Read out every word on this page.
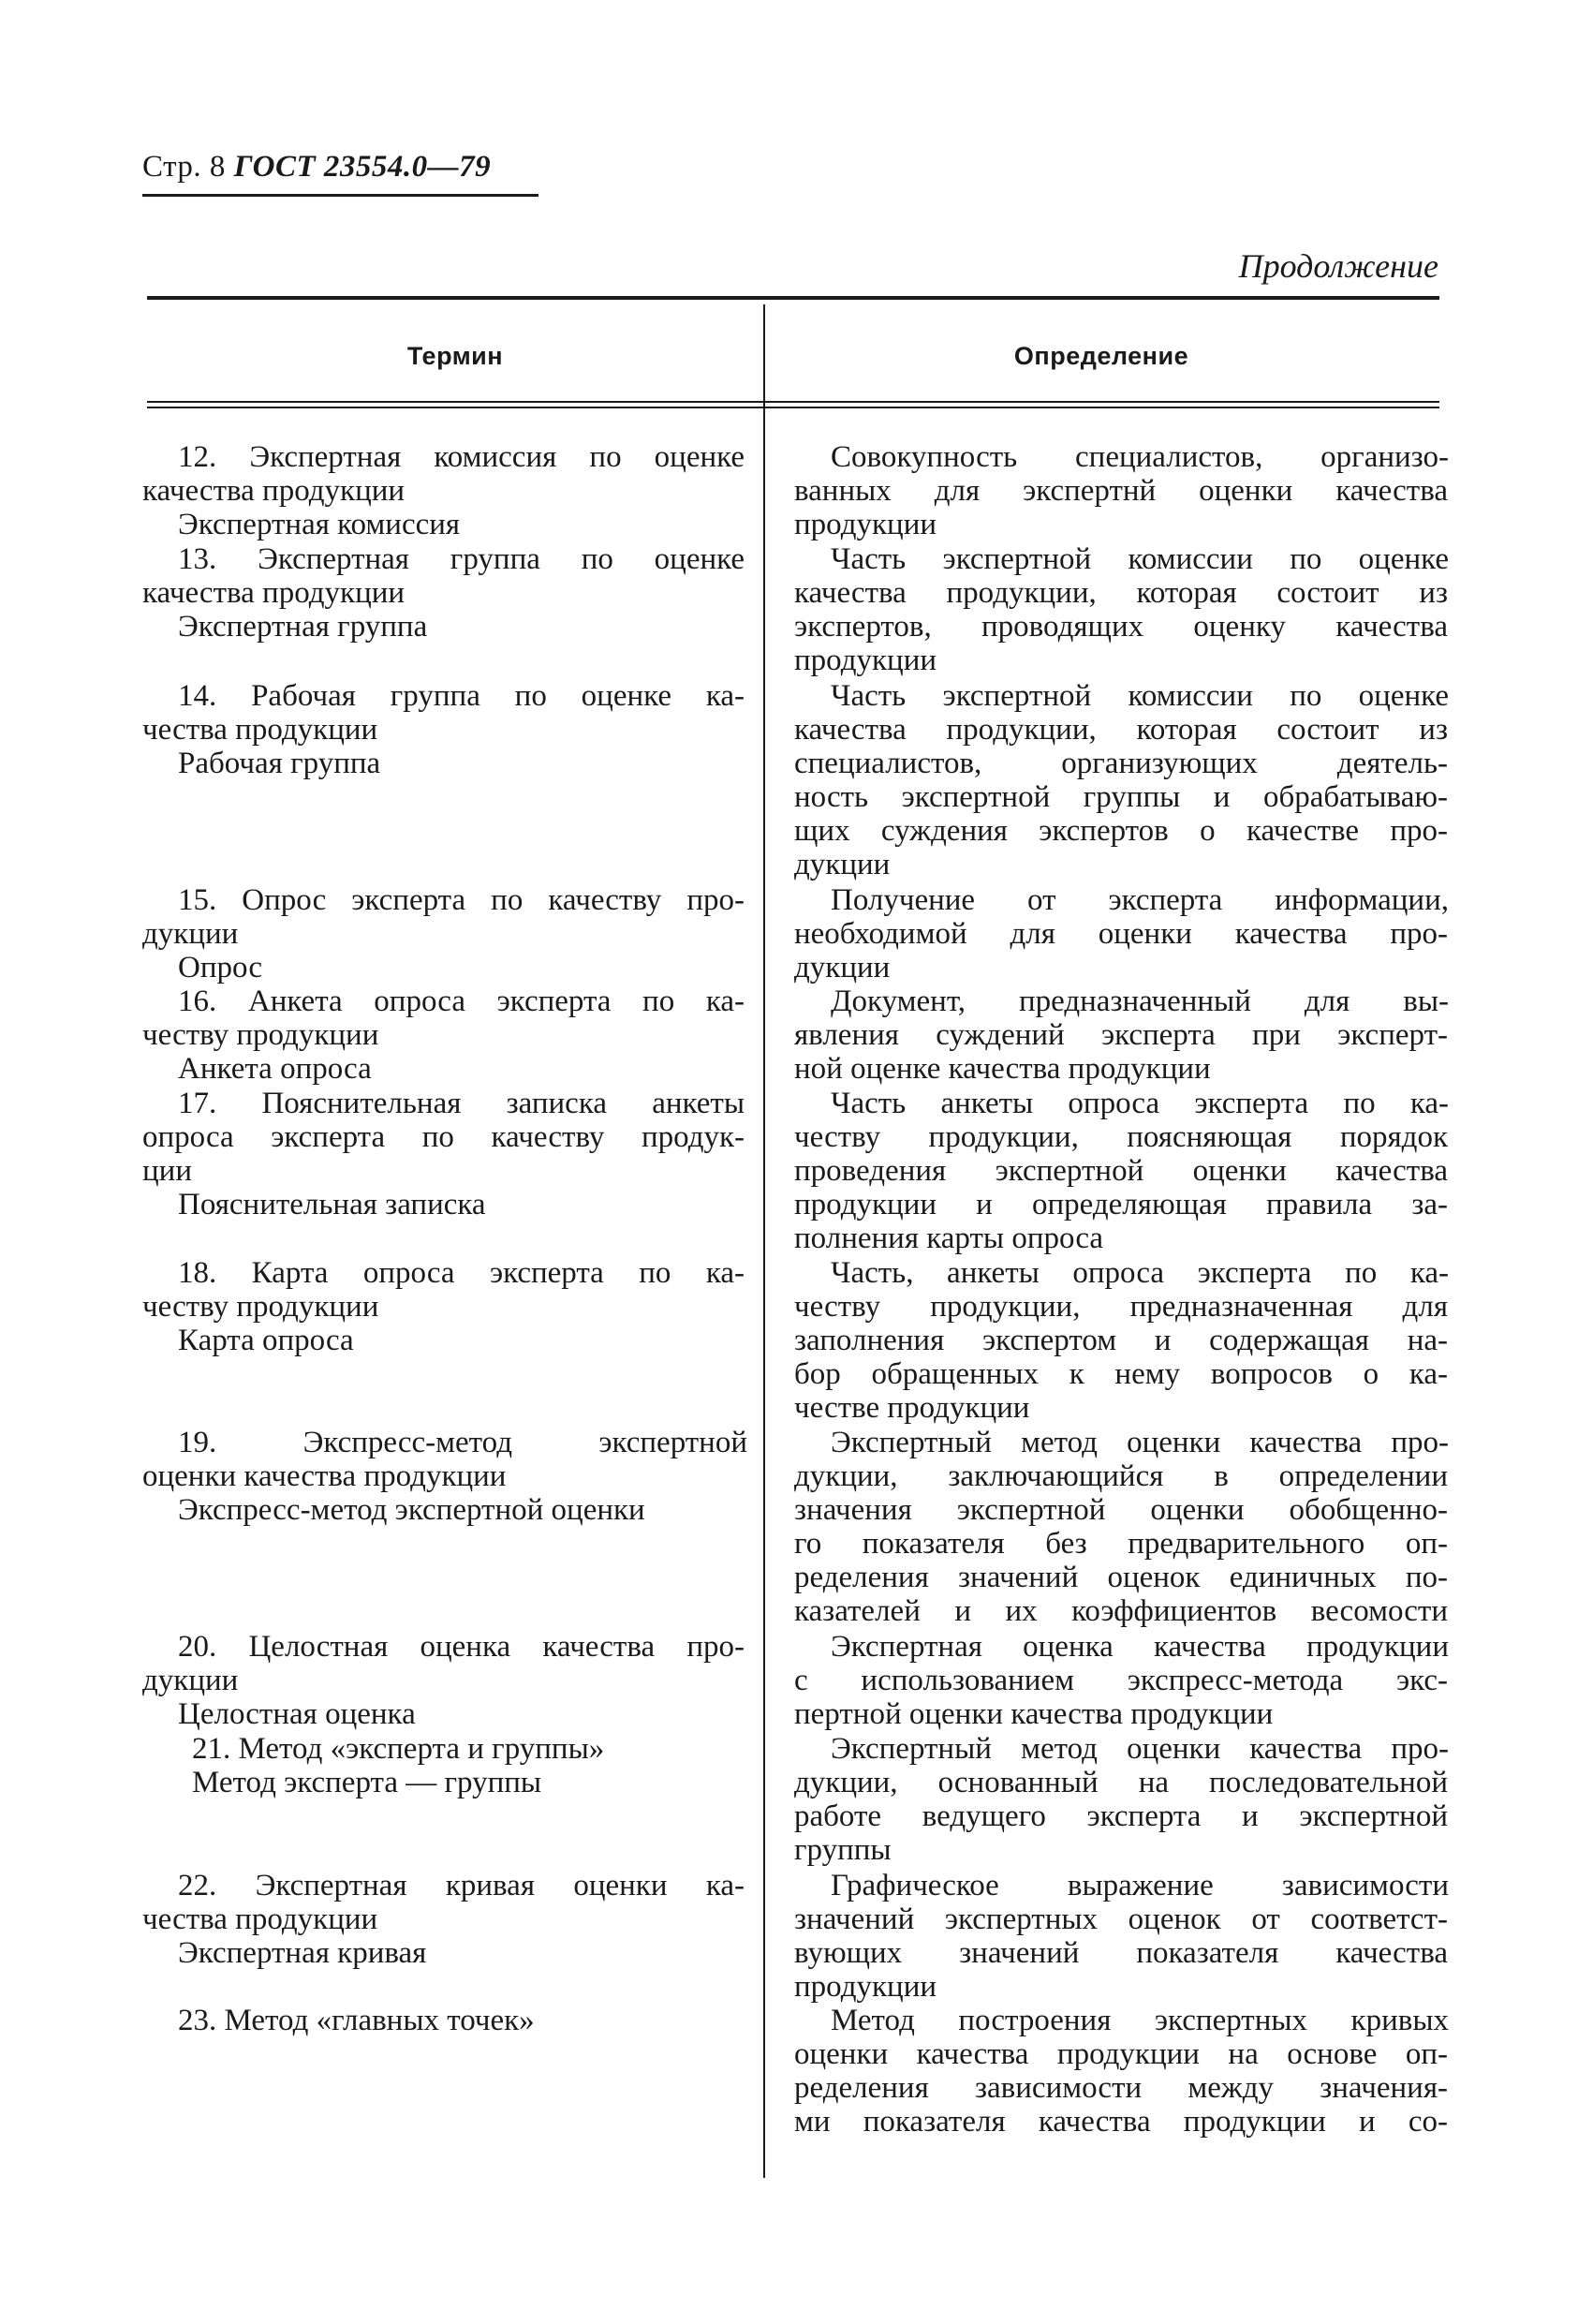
Стр. 8 ГОСТ 23554.0—79
Продолжение
Термин	Определение
12. Экспертная комиссия по оценке
качества продукции
Экспертная комиссия
13. Экспертная группа по оценке
качества продукции
Экспертная группа
14. Рабочая группа по оценке ка-
чества продукции
Рабочая группа
15. Опрос эксперта по качеству про-
дукции
Опрос
16. Анкета опроса эксперта по ка-
честву продукции
Анкета опроса
17. Пояснительная записка анкеты
опроса эксперта по качеству продук-
ции
Пояснительная записка
18. Карта опроса эксперта по ка-
честву продукции
Карта опроса
19. Экспресс-метод экспертной
оценки качества продукции
Экспресс-метод экспертной оценки
20. Целостная оценка качества про-
дукции
Целостная оценка
21. Метод «эксперта и группы»
Метод эксперта — группы
22. Экспертная кривая оценки ка-
чества продукции
Экспертная кривая
23. Метод «главных точек»
Совокупность специалистов, организо-
ванных для экспертнй оценки качества
продукции
Часть экспертной комиссии по оценке
качества продукции, которая состоит из
экспертов, проводящих оценку качества
продукции
Часть экспертной комиссии по оценке
качества продукции, которая состоит из
специалистов, организующих деятель-
ность экспертной группы и обрабатываю-
щих суждения экспертов о качестве про-
дукции
Получение от эксперта информации,
необходимой для оценки качества про-
дукции
Документ, предназначенный для вы-
явления суждений эксперта при эксперт-
ной оценке качества продукции
Часть анкеты опроса эксперта по ка-
честву продукции, поясняющая порядок
проведения экспертной оценки качества
продукции и определяющая правила за-
полнения карты опроса
Часть, анкеты опроса эксперта по ка-
честву продукции, предназначенная для
заполнения экспертом и содержащая на-
бор обращенных к нему вопросов о ка-
честве продукции
Экспертный метод оценки качества про-
дукции, заключающийся в определении
значения экспертной оценки обобщенно-
го показателя без предварительного оп-
ределения значений оценок единичных по-
казателей и их коэффициентов весомости
Экспертная оценка качества продукции
с использованием экспресс-метода экс-
пертной оценки качества продукции
Экспертный метод оценки качества про-
дукции, основанный на последовательной
работе ведущего эксперта и экспертной
группы
Графическое выражение зависимости
значений экспертных оценок от соответст-
вующих значений показателя качества
продукции
Метод построения экспертных кривых
оценки качества продукции на основе оп-
ределения зависимости между значения-
ми показателя качества продукции и со-
